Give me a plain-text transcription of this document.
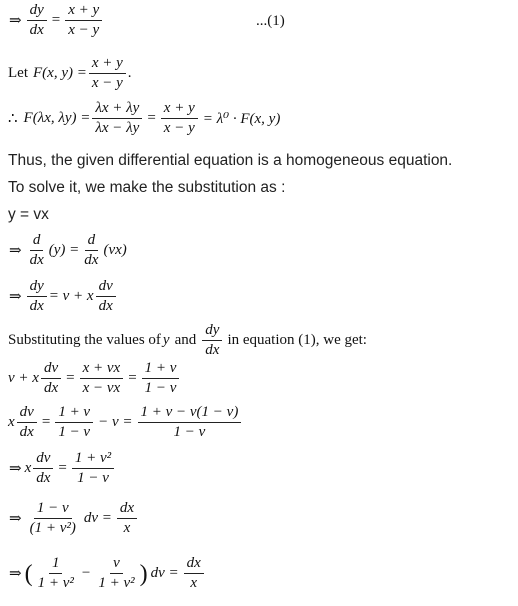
⇒ $\frac{dy}{dx} = \frac{x + y}{x - y}$	...(1)
Let F(x, $y) = \frac{x + y}{x - y}$ .
∴ F(λx, $\lambda y) = \frac{\lambda x + \lambda y}{\lambda x - \lambda y} = \frac{x + y}{x - y} = \lambda^0 \cdot F(x$, y)
Thus, the given differential equation is a homogeneous equation.
To solve it, we make the substitution as :
y = vx
⇒ $\frac{d}{dx} (y) = \frac{d}{dx} (vx)$
⇒ $\frac{dy}{dx} = v + x \frac{dv}{dx}$
Substituting the values of y and $\frac{dy}{dx}$ in equation (1), we get:
v + x $\frac{dv}{dx} = \frac{x + vx}{x - vx} = \frac{1 + v}{1 - v}$
x $\frac{dv}{dx} = \frac{1 + v}{1 - v} - v = \frac{1 + v - v(1 - v)}{1 - v}$
⇒ x $\frac{dv}{dx} = \frac{\text{1 + v²}}{1 - v}$
⇒ $\frac{1 - v}{\text{(1 + v²)}}$ dv = $\frac{dx}{x}$
⇒ ( $\frac{1}{\text{1 + v²}} - \frac{v}{\text{1 + v²}}$ ) dv = $\frac{dx}{x}$
